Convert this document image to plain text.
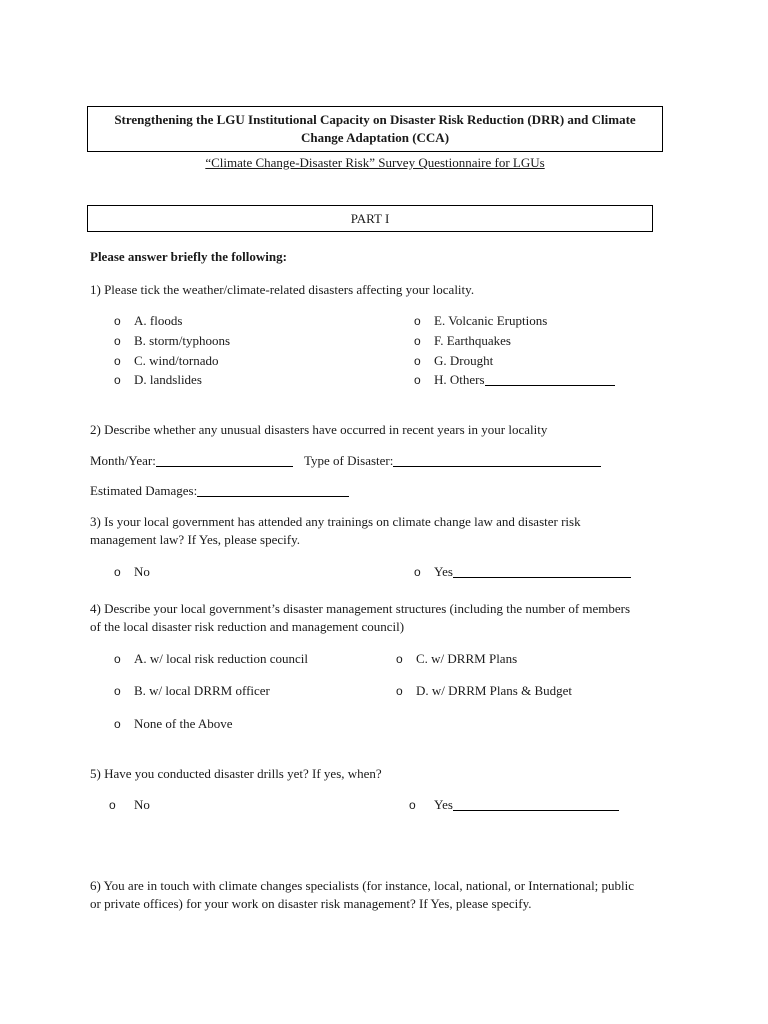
Strengthening the LGU Institutional Capacity on Disaster Risk Reduction (DRR) and Climate Change Adaptation (CCA)
“Climate Change-Disaster Risk” Survey Questionnaire for LGUs
PART I
Please answer briefly the following:
1) Please tick the weather/climate-related disasters affecting your locality.
o
A. floods
o
B. storm/typhoons
o
C. wind/tornado
o
D. landslides
o
E. Volcanic Eruptions
o
F. Earthquakes
o
G. Drought
o
H. Others
2) Describe whether any unusual disasters have occurred in recent years in your locality
Month/Year:	Type of Disaster:
Estimated Damages:
3) Is your local government has attended any trainings on climate change law and disaster risk
management law? If Yes, please specify.
o
No o	Yes
4) Describe your local government’s disaster management structures (including the number of members
of the local disaster risk reduction and management council)
o
A. w/ local risk reduction council o	C. w/ DRRM Plans
o
B. w/ local DRRM officer o	D. w/ DRRM Plans & Budget
o
None of the Above
5) Have you conducted disaster drills yet? If yes, when?
o
No o	Yes
6) You are in touch with climate changes specialists (for instance, local, national, or International; public
or private offices) for your work on disaster risk management? If Yes, please specify.
